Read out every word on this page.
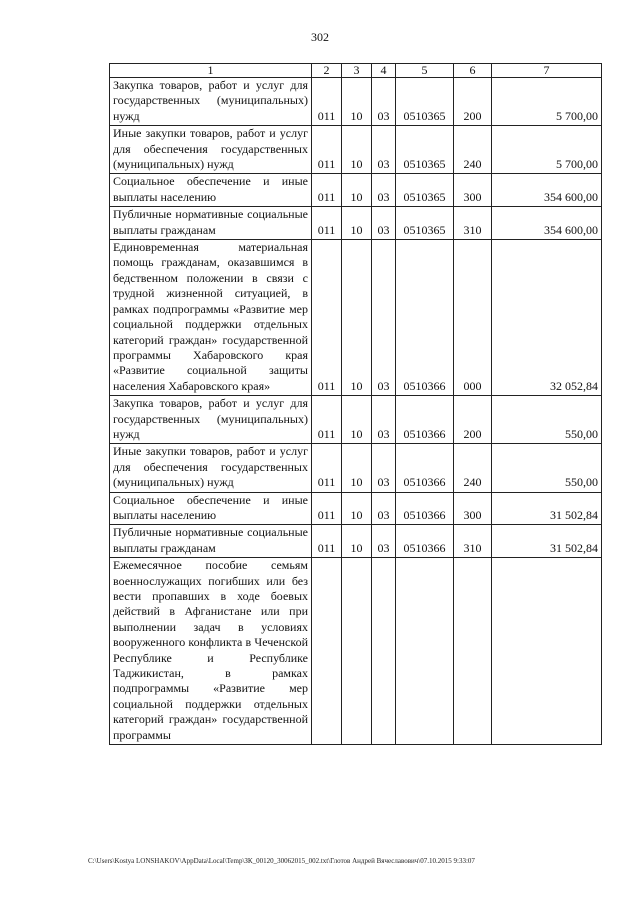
302
1	2	3	4	5	6	7
Закупка товаров, работ и услуг для государственных (муниципальных) нужд	011	10	03	0510365	200	5 700,00
Иные закупки товаров, работ и услуг для обеспечения государственных (муниципальных) нужд	011	10	03	0510365	240	5 700,00
Социальное обеспечение и иные выплаты населению	011	10	03	0510365	300	354 600,00
Публичные нормативные социальные выплаты гражданам	011	10	03	0510365	310	354 600,00
Единовременная материальная помощь гражданам, оказавшимся в бедственном положении в связи с трудной жизненной ситуацией, в рамках подпрограммы «Развитие мер социальной поддержки отдельных категорий граждан» государственной программы Хабаровского края «Развитие социальной защиты населения Хабаровского края»	011	10	03	0510366	000	32 052,84
Закупка товаров, работ и услуг для государственных (муниципальных) нужд	011	10	03	0510366	200	550,00
Иные закупки товаров, работ и услуг для обеспечения государственных (муниципальных) нужд	011	10	03	0510366	240	550,00
Социальное обеспечение и иные выплаты населению	011	10	03	0510366	300	31 502,84
Публичные нормативные социальные выплаты гражданам	011	10	03	0510366	310	31 502,84
Ежемесячное пособие семьям военнослужащих погибших или без вести пропавших в ходе боевых действий в Афганистане или при выполнении задач в условиях вооруженного конфликта в Чеченской Республике и Республике Таджикистан, в рамках подпрограммы «Развитие мер социальной поддержки отдельных категорий граждан» государственной программы						
C:\Users\Kostya LONSHAKOV\AppData\Local\Temp\ЗК_00120_30062015_002.txt\Глотов Андрей Вячеславович\07.10.2015 9:33:07
